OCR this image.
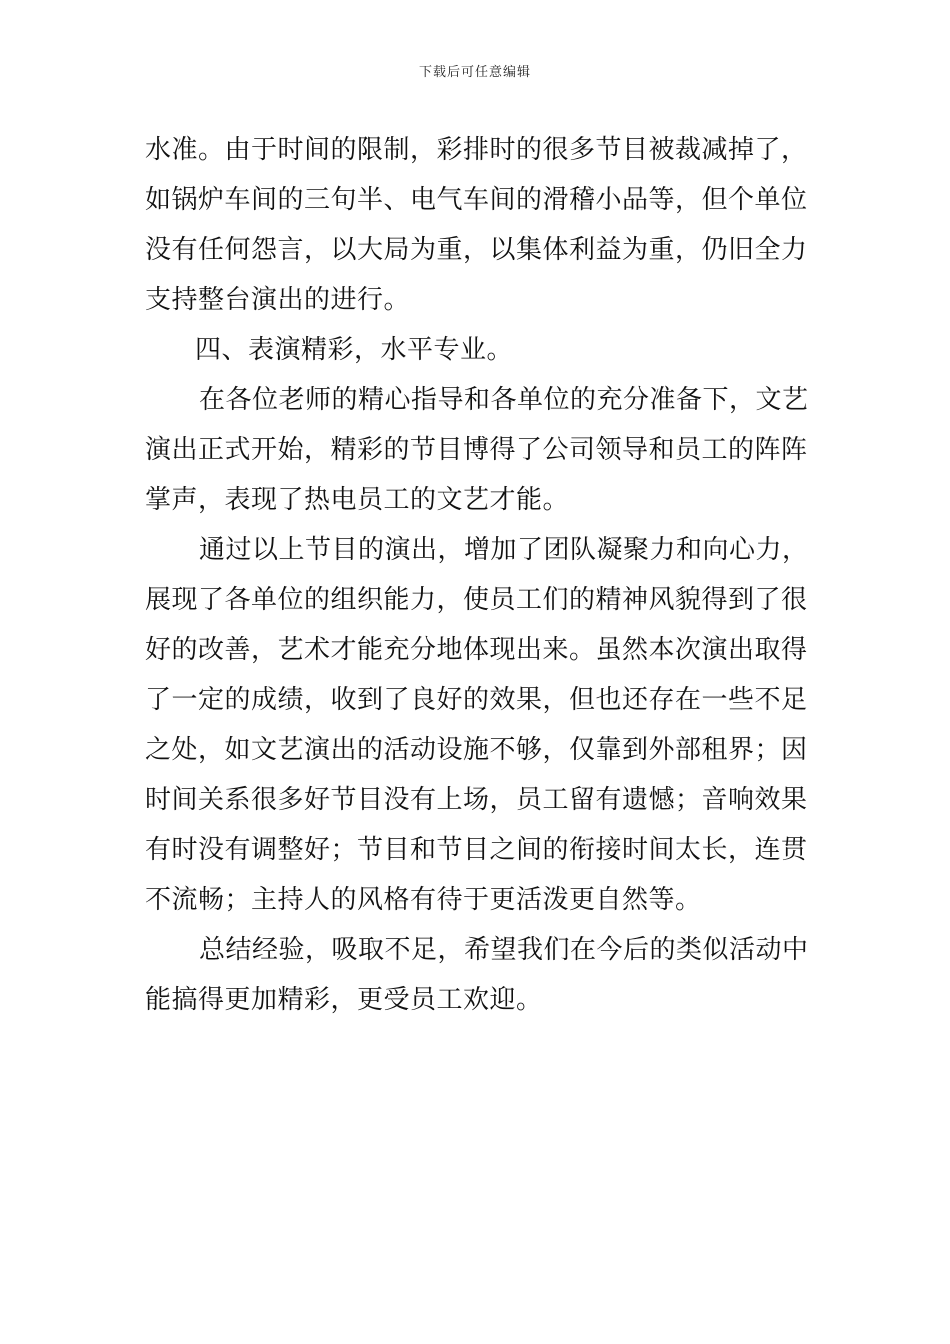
下载后可任意编辑
水准。由于时间的限制，彩排时的很多节目被裁减掉了，
如锅炉车间的三句半、电气车间的滑稽小品等，但个单位
没有任何怨言，以大局为重，以集体利益为重，仍旧全力
支持整台演出的进行。
四、表演精彩，水平专业。
在各位老师的精心指导和各单位的充分准备下，文艺
演出正式开始，精彩的节目博得了公司领导和员工的阵阵
掌声，表现了热电员工的文艺才能。
通过以上节目的演出，增加了团队凝聚力和向心力，
展现了各单位的组织能力，使员工们的精神风貌得到了很
好的改善，艺术才能充分地体现出来。虽然本次演出取得
了一定的成绩，收到了良好的效果，但也还存在一些不足
之处，如文艺演出的活动设施不够，仅靠到外部租界；因
时间关系很多好节目没有上场，员工留有遗憾；音响效果
有时没有调整好；节目和节目之间的衔接时间太长，连贯
不流畅；主持人的风格有待于更活泼更自然等。
总结经验，吸取不足，希望我们在今后的类似活动中
能搞得更加精彩，更受员工欢迎。
